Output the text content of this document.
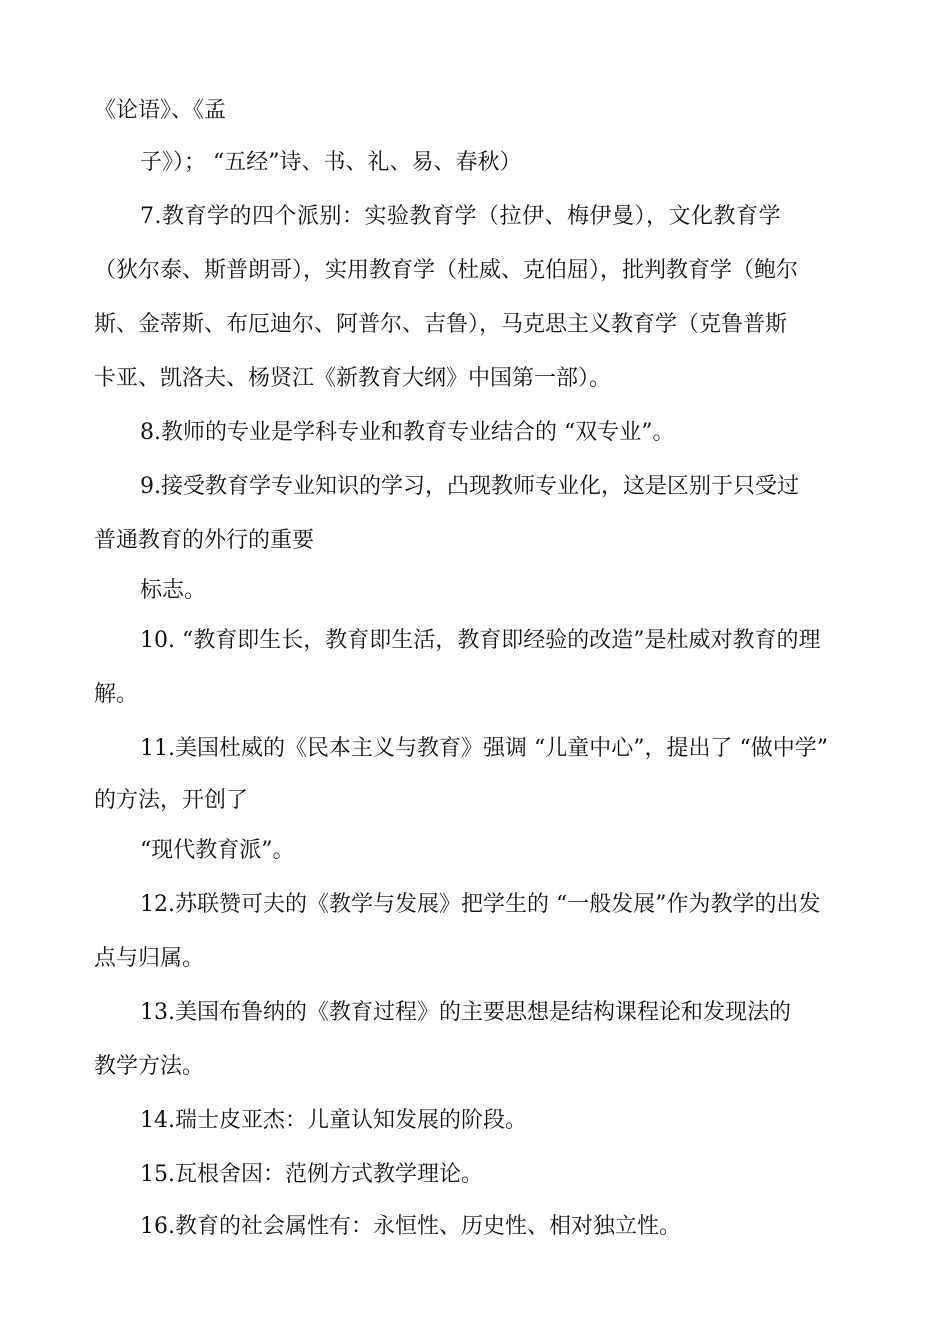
《论语》、《孟
子》）； “五经”诗、书、礼、易、春秋）
7.教育学的四个派别：实验教育学（拉伊、梅伊曼），文化教育学
（狄尔泰、斯普朗哥），实用教育学（杜威、克伯屈），批判教育学（鲍尔
斯、金蒂斯、布厄迪尔、阿普尔、吉鲁），马克思主义教育学（克鲁普斯
卡亚、凯洛夫、杨贤江《新教育大纲》中国第一部）。
8.教师的专业是学科专业和教育专业结合的 “双专业”。
9.接受教育学专业知识的学习，凸现教师专业化，这是区别于只受过
普通教育的外行的重要
标志。
10. “教育即生长，教育即生活，教育即经验的改造”是杜威对教育的理
解。
11.美国杜威的《民本主义与教育》强调 “儿童中心”，提出了 “做中学”
的方法，开创了
“现代教育派”。
12.苏联赞可夫的《教学与发展》把学生的 “一般发展”作为教学的出发
点与归属。
13.美国布鲁纳的《教育过程》的主要思想是结构课程论和发现法的
教学方法。
14.瑞士皮亚杰：儿童认知发展的阶段。
15.瓦根舍因：范例方式教学理论。
16.教育的社会属性有：永恒性、历史性、相对独立性。
